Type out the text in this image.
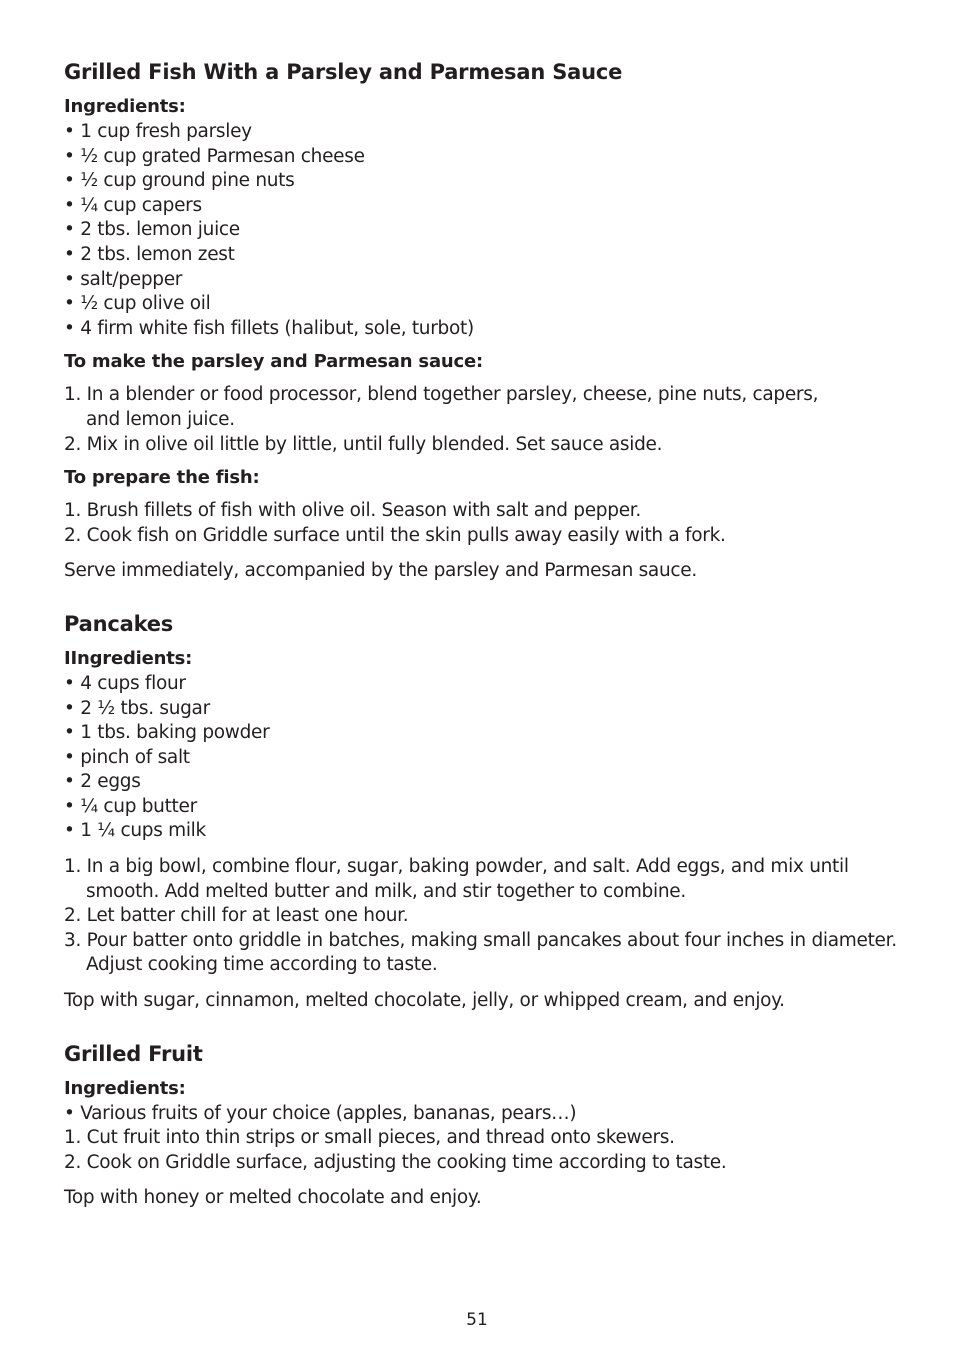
Grilled Fish With a Parsley and Parmesan Sauce
Ingredients:
• 1 cup fresh parsley
• ½ cup grated Parmesan cheese
• ½ cup ground pine nuts
• ¼ cup capers
• 2 tbs. lemon juice
• 2 tbs. lemon zest
• salt/pepper
• ½ cup olive oil
• 4 firm white fish fillets (halibut, sole, turbot)
To make the parsley and Parmesan sauce:
1. In a blender or food processor, blend together parsley, cheese, pine nuts, capers,
and lemon juice.
2. Mix in olive oil little by little, until fully blended. Set sauce aside.
To prepare the fish:
1. Brush fillets of fish with olive oil. Season with salt and pepper.
2. Cook fish on Griddle surface until the skin pulls away easily with a fork.
Serve immediately, accompanied by the parsley and Parmesan sauce.
Pancakes
IIngredients:
• 4 cups flour
• 2 ½ tbs. sugar
• 1 tbs. baking powder
• pinch of salt
• 2 eggs
• ¼ cup butter
• 1 ¼ cups milk
1. In a big bowl, combine flour, sugar, baking powder, and salt. Add eggs, and mix until
smooth. Add melted butter and milk, and stir together to combine.
2. Let batter chill for at least one hour.
3. Pour batter onto griddle in batches, making small pancakes about four inches in diameter.
Adjust cooking time according to taste.
Top with sugar, cinnamon, melted chocolate, jelly, or whipped cream, and enjoy.
Grilled Fruit
Ingredients:
• Various fruits of your choice (apples, bananas, pears…)
1. Cut fruit into thin strips or small pieces, and thread onto skewers.
2. Cook on Griddle surface, adjusting the cooking time according to taste.
Top with honey or melted chocolate and enjoy.
51
